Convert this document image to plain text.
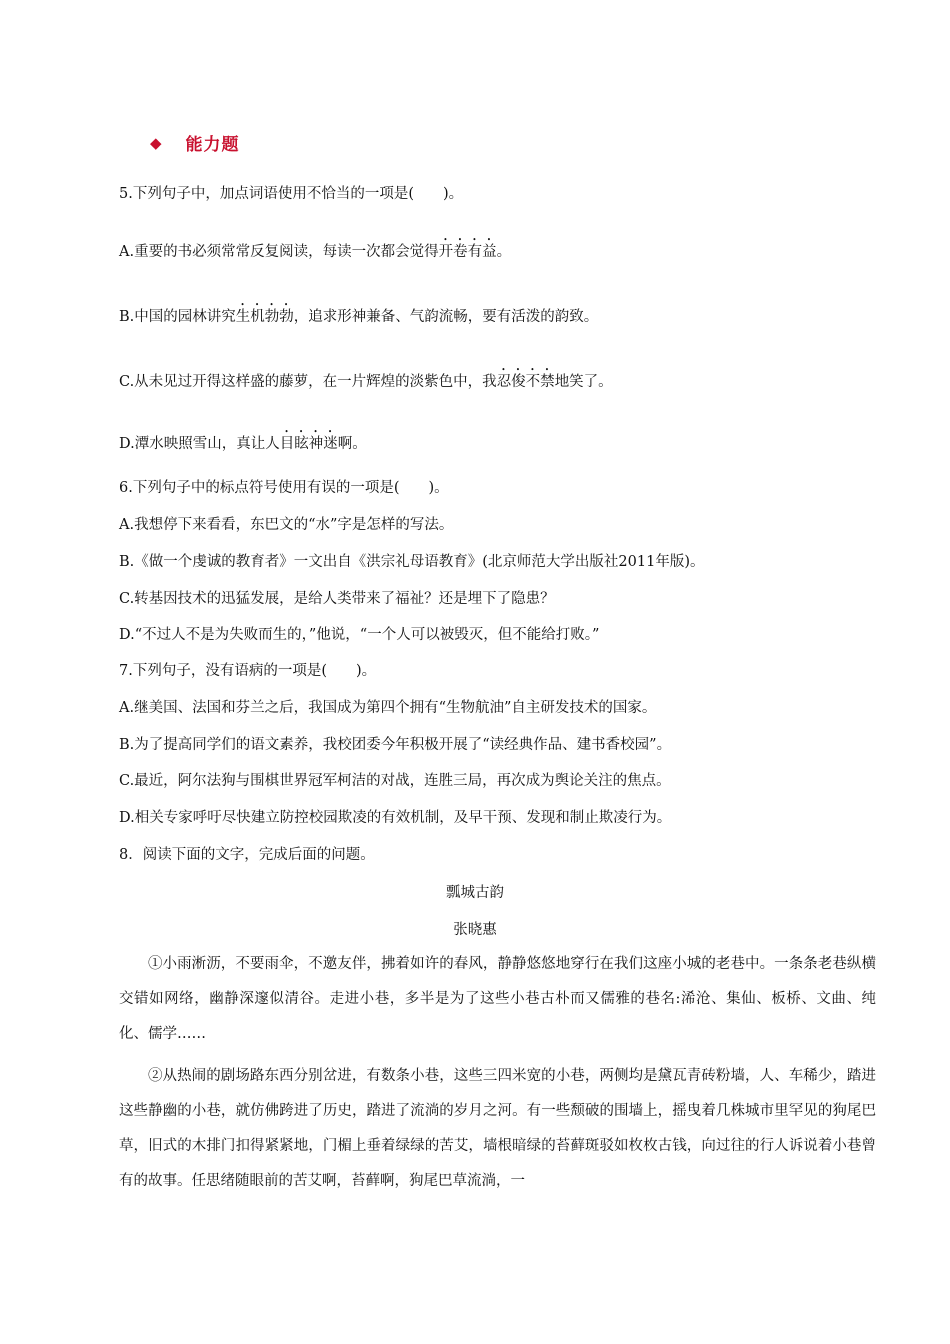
◆ 能力题
5.下列句子中，加点词语使用不恰当的一项是(　　)。
A.重要的书必须常常反复阅读，每读一次都会觉得开卷有益。
B.中国的园林讲究生机勃勃，追求形神兼备、气韵流畅，要有活泼的韵致。
C.从未见过开得这样盛的藤萝，在一片辉煌的淡紫色中，我忍俊不禁地笑了。
D.潭水映照雪山，真让人目眩神迷啊。
6.下列句子中的标点符号使用有误的一项是(　　)。
A.我想停下来看看，东巴文的“水”字是怎样的写法。
B.《做一个虔诚的教育者》一文出自《洪宗礼母语教育》(北京师范大学出版社2011年版)。
C.转基因技术的迅猛发展，是给人类带来了福祉？还是埋下了隐患？
D.“不过人不是为失败而生的，”他说，“一个人可以被毁灭，但不能给打败。”
7.下列句子，没有语病的一项是(　　)。
A.继美国、法国和芬兰之后，我国成为第四个拥有“生物航油”自主研发技术的国家。
B.为了提高同学们的语文素养，我校团委今年积极开展了“读经典作品、建书香校园”。
C.最近，阿尔法狗与围棋世界冠军柯洁的对战，连胜三局，再次成为舆论关注的焦点。
D.相关专家呼吁尽快建立防控校园欺凌的有效机制，及早干预、发现和制止欺凌行为。
8．阅读下面的文字，完成后面的问题。
瓢城古韵
张晓惠
①小雨淅沥，不要雨伞，不邀友伴，拂着如许的春风，静静悠悠地穿行在我们这座小城的老巷中。一条条老巷纵横交错如网络，幽静深邃似清谷。走进小巷，多半是为了这些小巷古朴而又儒雅的巷名:浠沧、集仙、板桥、文曲、纯化、儒学……
②从热闹的剧场路东西分别岔进，有数条小巷，这些三四米宽的小巷，两侧均是黛瓦青砖粉墙，人、车稀少，踏进这些静幽的小巷，就仿佛跨进了历史，踏进了流淌的岁月之河。有一些颓破的围墙上，摇曳着几株城市里罕见的狗尾巴草，旧式的木排门扣得紧紧地，门楣上垂着绿绿的苦艾，墙根暗绿的苔藓斑驳如枚枚古钱，向过往的行人诉说着小巷曾有的故事。任思绪随眼前的苦艾啊，苔藓啊，狗尾巴草流淌，一
